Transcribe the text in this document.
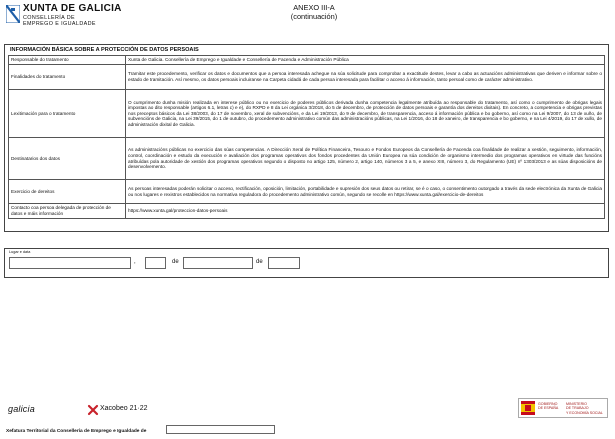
XUNTA DE GALICIA
CONSELLERÍA DE
EMPREGO E IGUALDADE
ANEXO III-A
(continuación)
INFORMACIÓN BÁSICA SOBRE A PROTECCIÓN DE DATOS PERSOAIS
Responsable do tratamento	Xunta de Galicia. Consellería de Emprego e Igualdade e Consellería de Facenda e Administración Pública
Finalidades do tratamento	Tramitar este procedemento, verificar os datos e documentos que a persoa interesada achegue na súa solicitude para comprobar a exactitude destes, levar a cabo as actuacións administrativas que deriven e informar sobre o estado de tramitación. Así mesmo, os datos persoais incluiranse na Carpeta cidadá de cada persoa interesada para facilitar o acceso á información, tanto persoal como de carácter administrativo.
Lexitimación para o tratamento	O cumprimento dunha misión realizada en interese público ou no exercicio de poderes públicos derivada dunha competencia legalmente atribuída ao responsable do tratamento, así como o cumprimento de obrigas legais impostas ao dito responsable (artigos 6.1, letras c) e e), do RXPD e 8 da Lei orgánica 3/2018, do 5 de decembro, de protección de datos persoais e garantía dos dereitos dixitais). En concreto, a competencia e obrigas previstas nos preceptos básicos da Lei 38/2003, do 17 de novembro, xeral de subvencións, e da Lei 19/2013, do 9 de decembro, de transparencia, acceso á información pública e bo goberno, así como na Lei 9/2007, do 13 de xuño, de subvencións de Galicia, na Lei 39/2015, do 1 de outubro, do procedemento administrativo común das administracións públicas, na Lei 1/2016, do 18 de xaneiro, de transparencia e bo goberno, e na Lei 4/2019, do 17 de xullo, de administración dixital de Galicia.
Destinatarios dos datos	As administracións públicas no exercicio das súas competencias. A Dirección Xeral de Política Financeira, Tesouro e Fondos Europeos da Consellería de Facenda coa finalidade de realizar a xestión, seguimento, información, control, coordinación e estudo da execución e avaliación dos programas operativos dos fondos procedentes da Unión Europea na súa condición de organismo intermedio dos programas operativos en virtude das funcións atribuídas pola autoridade de xestión dos programas operativos segundo o disposto no artigo 125, número 2, artigo 140, números 3 a 5, e anexo XIII, número 3, do Regulamento (UE) nº 1303/2013 e as súas disposicións de desenvolvemento.
Exercicio de dereitos	As persoas interesadas poderán solicitar o acceso, rectificación, oposición, limitación, portabilidade e supresión dos seus datos ou retirar, se é o caso, o consentimento outorgado a través da sede electrónica da Xunta de Galicia ou nos lugares e rexistros establecidos na normativa reguladora do procedemento administrativo común, segundo se recolle en https://www.xunta.gal/exercicio-de-dereitos
Contacto coa persoa delegada de protección de datos e máis información	https://www.xunta.gal/proteccion-datos-persoais
Lugar e data
,	de	de
galicia	Xacobeo 21·22
GOBIERNO
DE ESPAÑA
MINISTERIO
DE TRABAJO
Y ECONOMÍA SOCIAL
Xefatura Territorial da Consellería de Emprego e Igualdade de
